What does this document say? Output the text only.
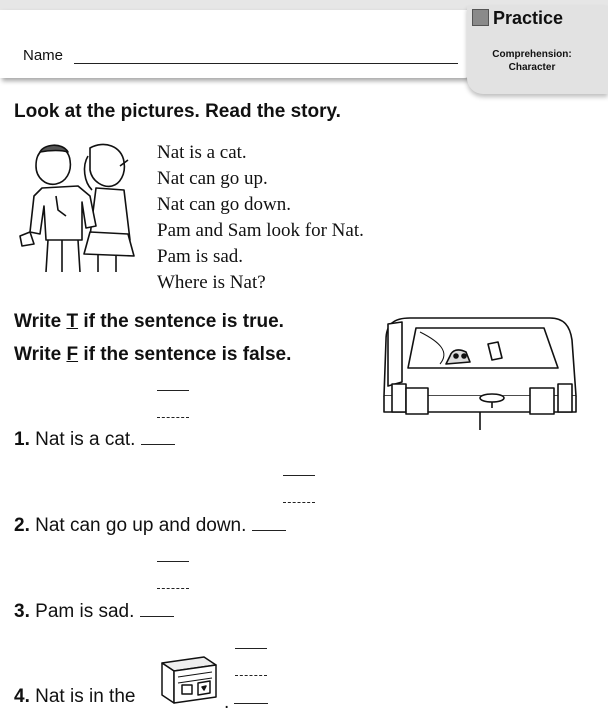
Name
Practice
Comprehension:
Character
Look at the pictures. Read the story.
Nat is a cat.
Nat can go up.
Nat can go down.
Pam and Sam look for Nat.
Pam is sad.
Where is Nat?
Write T if the sentence is true.
Write F if the sentence is false.
1. Nat is a cat.
2. Nat can go up and down.
3. Pam is sad.
4. Nat is in the	.
